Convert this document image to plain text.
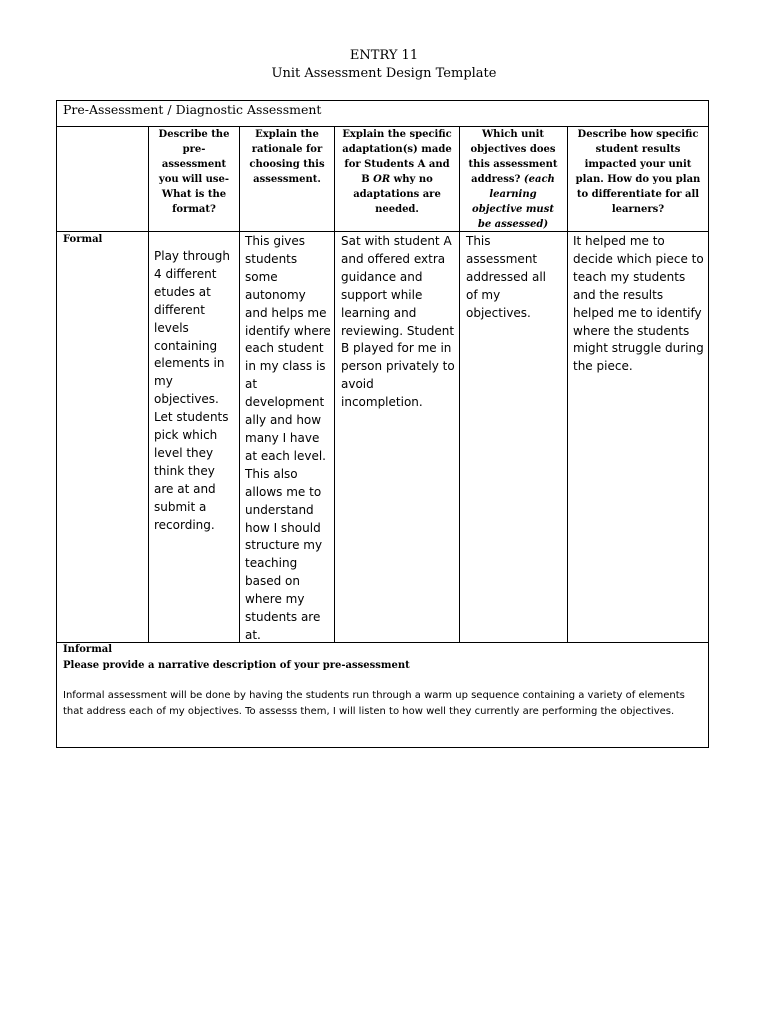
ENTRY 11
Unit Assessment Design Template
Pre-Assessment / Diagnostic Assessment

Describe the pre-assessment you will use- What is the format?

Explain the rationale for choosing this assessment.

Explain the specific adaptation(s) made for Students A and B OR why no adaptations are needed.

Which unit objectives does this assessment address? (each learning objective must be assessed)

Describe how specific student results impacted your unit plan. How do you plan to differentiate for all learners?

Formal

Play through 4 different etudes at different levels containing elements in my objectives. Let students pick which level they think they are at and submit a recording.

This gives students some autonomy and helps me identify where each student in my class is at development ally and how many I have at each level. This also allows me to understand how I should structure my teaching based on where my students are at.

Sat with student A and offered extra guidance and support while learning and reviewing. Student B played for me in person privately to avoid incompletion.

This assessment addressed all of my objectives.

It helped me to decide which piece to teach my students and the results helped me to identify where the students might struggle during the piece.

Informal
Please provide a narrative description of your pre-assessment
Informal assessment will be done by having the students run through a warm up sequence containing a variety of elements that address each of my objectives. To assesss them, I will listen to how well they currently are performing the objectives.
